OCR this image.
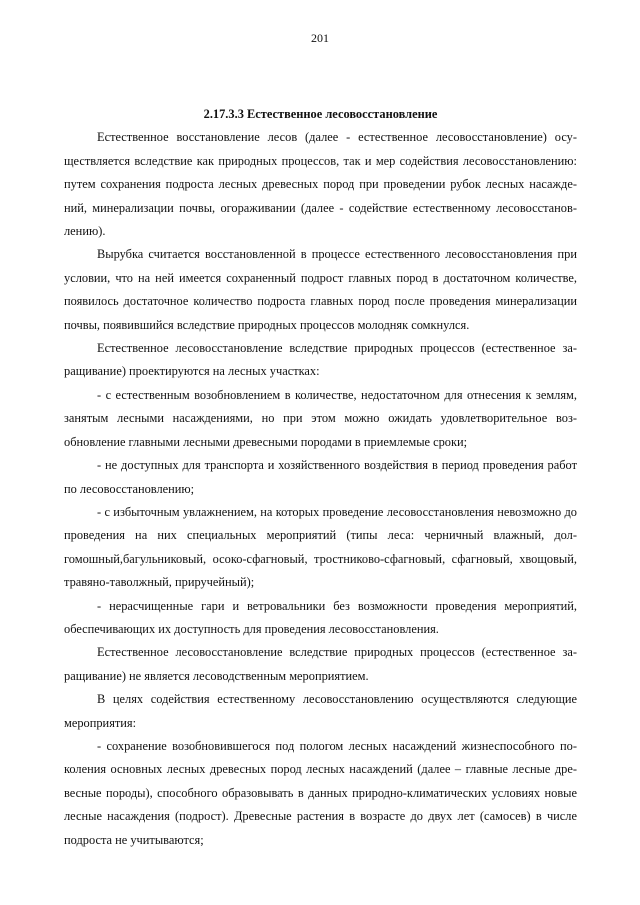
201

2.17.3.3 Естественное лесовосстановление

Естественное восстановление лесов (далее - естественное лесовосстановление) осуществляется вследствие как природных процессов, так и мер содействия лесовосстановлению: путем сохранения подроста лесных древесных пород при проведении рубок лесных насаждений, минерализации почвы, огораживании (далее - содействие естественному лесовосстановлению).

Вырубка считается восстановленной в процессе естественного лесовосстановления при условии, что на ней имеется сохраненный подрост главных пород в достаточном количестве, появилось достаточное количество подроста главных пород после проведения минерализации почвы, появившийся вследствие природных процессов молодняк сомкнулся.

Естественное лесовосстановление вследствие природных процессов (естественное заращивание) проектируются на лесных участках:

- с естественным возобновлением в количестве, недостаточном для отнесения к землям, занятым лесными насаждениями, но при этом можно ожидать удовлетворительное возобновление главными лесными древесными породами в приемлемые сроки;

- не доступных для транспорта и хозяйственного воздействия в период проведения работ по лесовосстановлению;

- с избыточным увлажнением, на которых проведение лесовосстановления невозможно до проведения на них специальных мероприятий (типы леса: черничный влажный, долгомошный,багульниковый, осоко-сфагновый, тростниково-сфагновый, сфагновый, хвощовый, травяно-таволжный, приручейный);

- нерасчищенные гари и ветровальники без возможности проведения мероприятий, обеспечивающих их доступность для проведения лесовосстановления.

Естественное лесовосстановление вследствие природных процессов (естественное заращивание) не является лесоводственным мероприятием.

В целях содействия естественному лесовосстановлению осуществляются следующие мероприятия:

- сохранение возобновившегося под пологом лесных насаждений жизнеспособного поколения основных лесных древесных пород лесных насаждений (далее – главные лесные древесные породы), способного образовывать в данных природно-климатических условиях новые лесные насаждения (подрост). Древесные растения в возрасте до двух лет (самосев) в числе подроста не учитываются;
